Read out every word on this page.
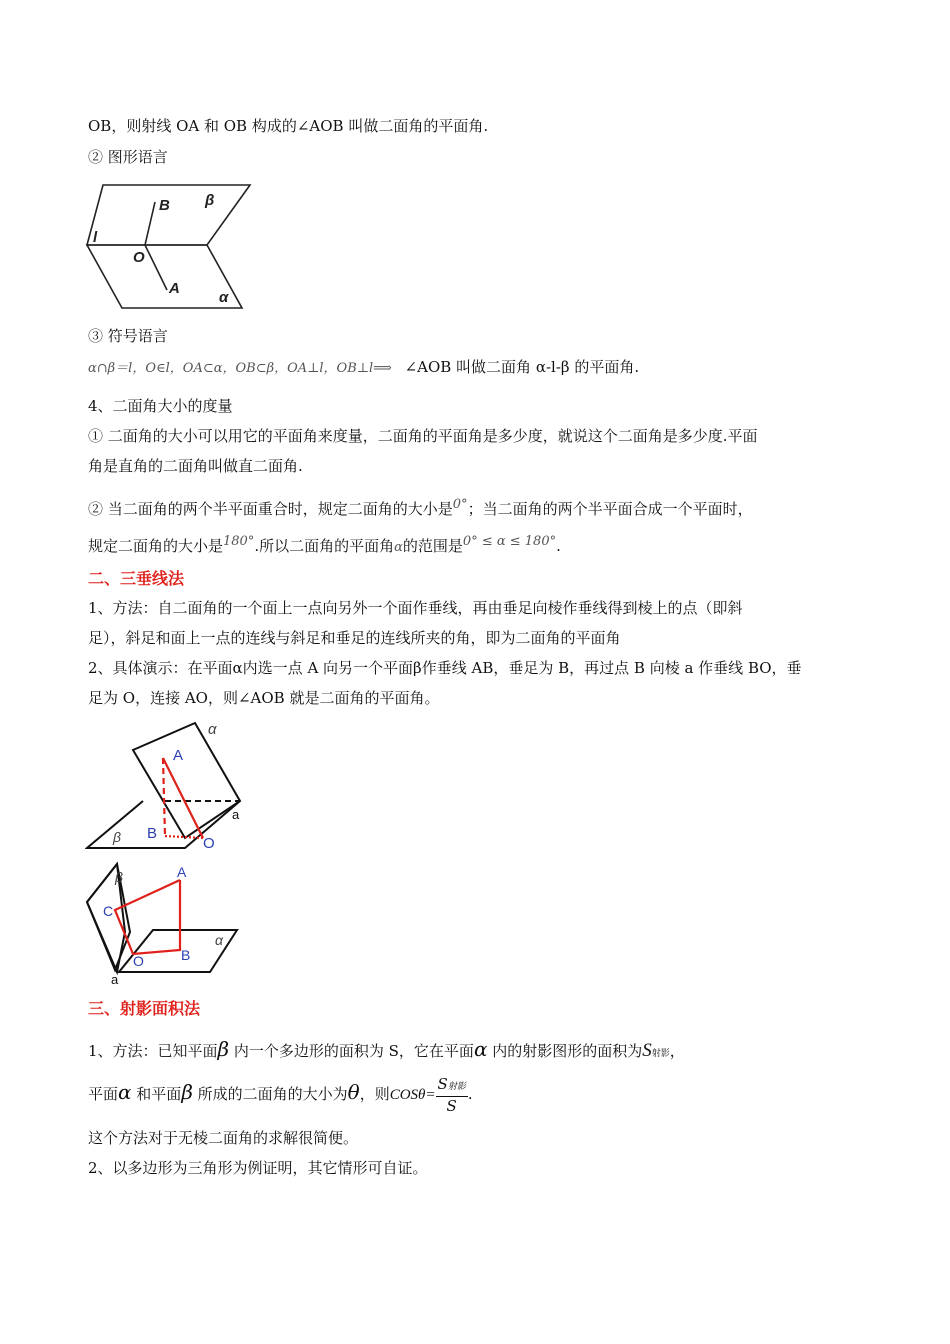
OB，则射线 OA 和 OB 构成的∠AOB 叫做二面角的平面角.
② 图形语言
B β
l
O
A
α
③ 符号语言
α∩β＝l，O∈l，OA⊂α，OB⊂β，OA⊥l，OB⊥l⟹ ∠AOB 叫做二面角 α-l-β 的平面角.
4、二面角大小的度量
① 二面角的大小可以用它的平面角来度量，二面角的平面角是多少度，就说这个二面角是多少度.平面
角是直角的二面角叫做直二面角.
② 当二面角的两个半平面重合时，规定二面角的大小是0°；当二面角的两个半平面合成一个平面时，
规定二面角的大小是180°.所以二面角的平面角α的范围是0° ≤ α ≤ 180°.
二、三垂线法
1、方法：自二面角的一个面上一点向另外一个面作垂线，再由垂足向棱作垂线得到棱上的点（即斜
足），斜足和面上一点的连线与斜足和垂足的连线所夹的角，即为二面角的平面角
2、具体演示：在平面α内选一点 A 向另一个平面β作垂线 AB，垂足为 B，再过点 B 向棱 a 作垂线 BO，垂
足为 O，连接 AO，则∠AOB 就是二面角的平面角。
α
A
B
O
a
β
β	A
C
α
O	B
a
三、射影面积法
1、方法：已知平面β 内一个多边形的面积为 S，它在平面α 内的射影图形的面积为S射影，
平面α 和平面β 所成的二面角的大小为θ，则$COS\theta= \frac{\text{S射影}}{S}$ .
这个方法对于无棱二面角的求解很简便。
2、以多边形为三角形为例证明，其它情形可自证。
